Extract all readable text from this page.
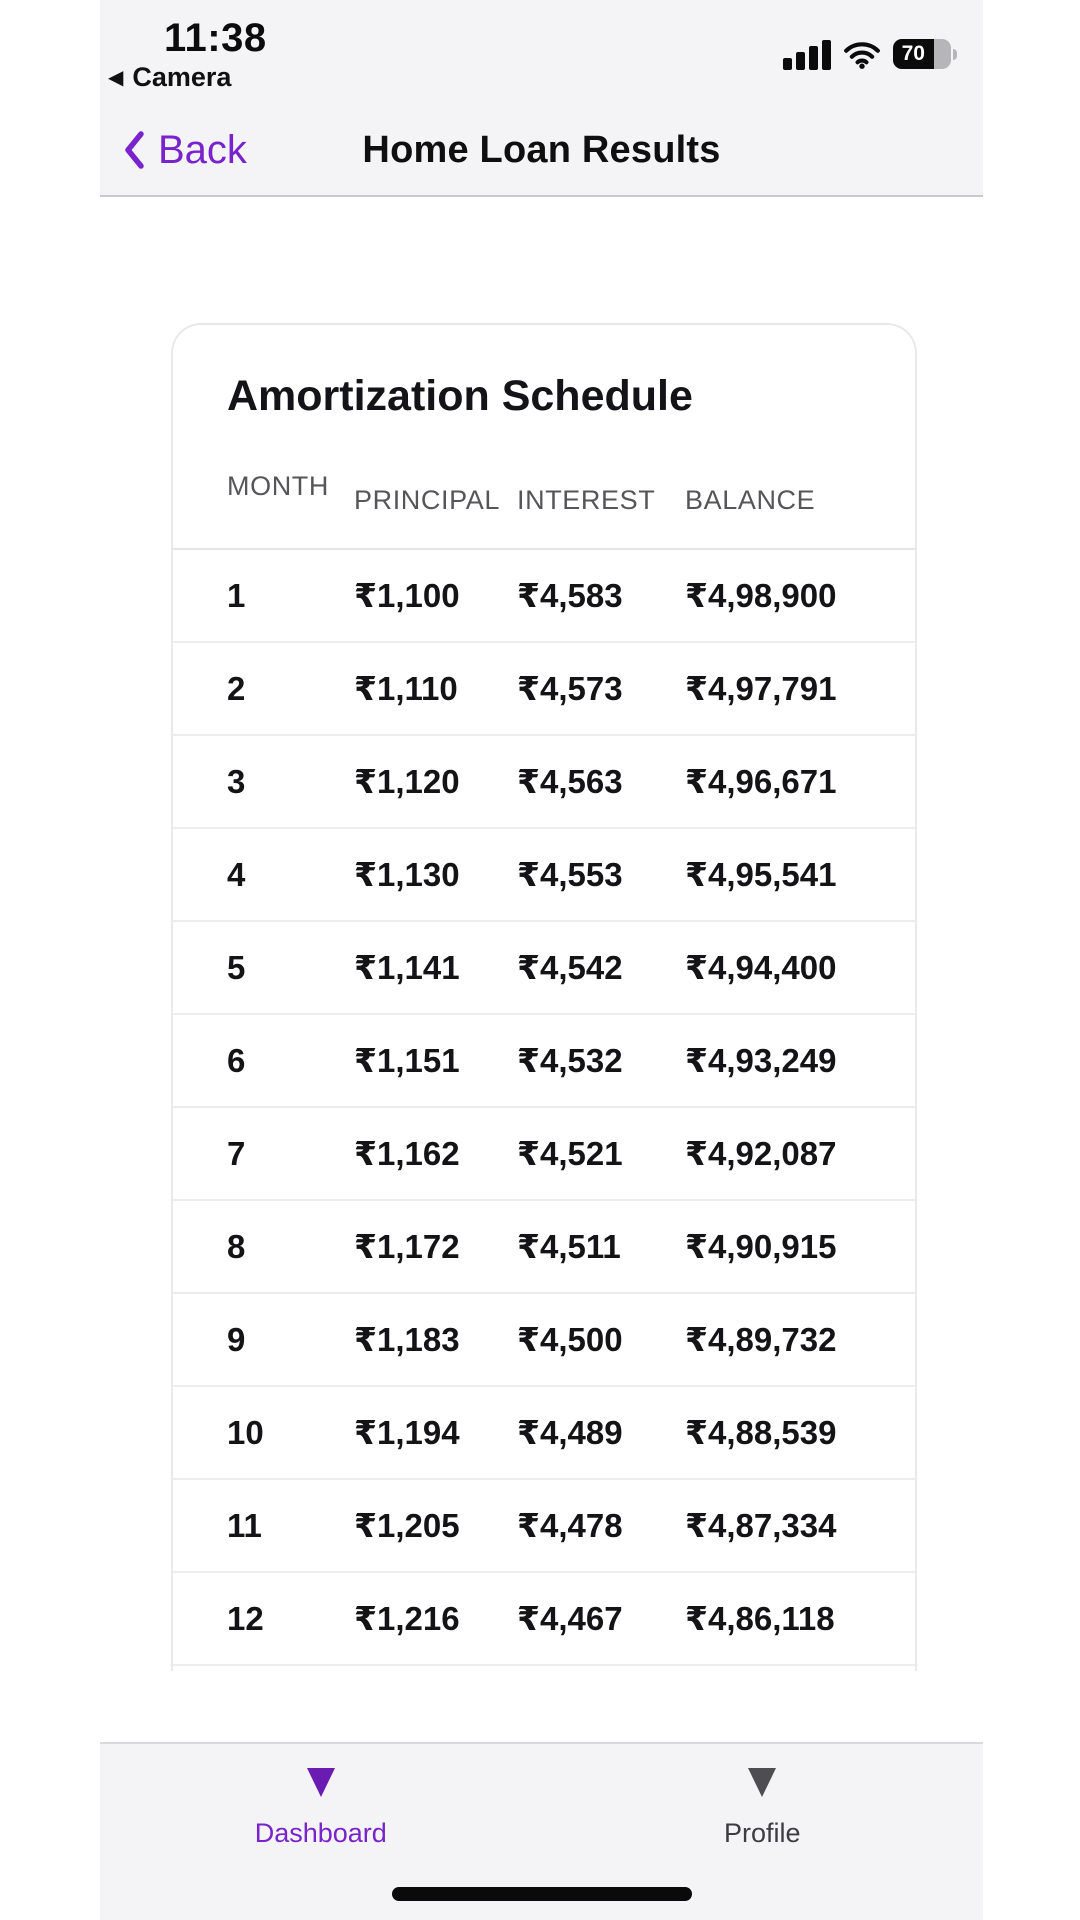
11:38
◀ Camera
70
Back	Home Loan Results
Amortization Schedule
MONTH PRINCIPAL INTEREST	BALANCE
1	₹1,100	₹4,583	₹4,98,900
2	₹1,110	₹4,573	₹4,97,791
3	₹1,120	₹4,563	₹4,96,671
4	₹1,130	₹4,553	₹4,95,541
5	₹1,141	₹4,542	₹4,94,400
6	₹1,151	₹4,532	₹4,93,249
7	₹1,162	₹4,521	₹4,92,087
8	₹1,172	₹4,511	₹4,90,915
9	₹1,183	₹4,500	₹4,89,732
10	₹1,194	₹4,489	₹4,88,539
11	₹1,205	₹4,478	₹4,87,334
12	₹1,216	₹4,467	₹4,86,118
Dashboard	Profile
